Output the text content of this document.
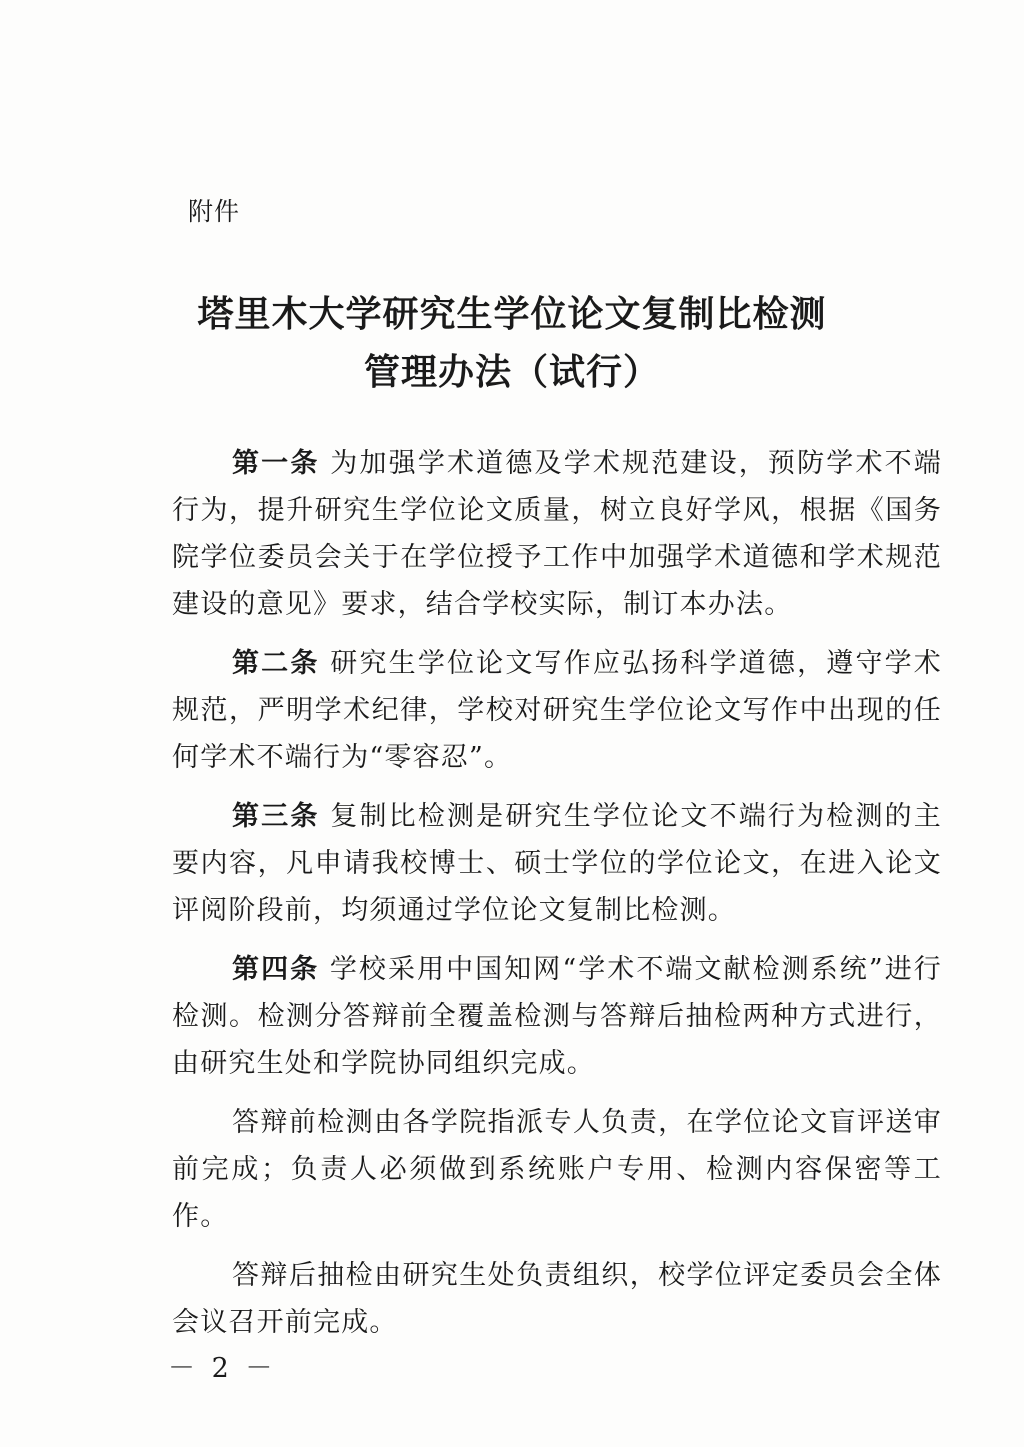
附件
塔里木大学研究生学位论文复制比检测
管理办法（试行）

第一条 为加强学术道德及学术规范建设，预防学术不端行为，提升研究生学位论文质量，树立良好学风，根据《国务院学位委员会关于在学位授予工作中加强学术道德和学术规范建设的意见》要求，结合学校实际，制订本办法。

第二条 研究生学位论文写作应弘扬科学道德，遵守学术规范，严明学术纪律，学校对研究生学位论文写作中出现的任何学术不端行为“零容忍”。

第三条 复制比检测是研究生学位论文不端行为检测的主要内容，凡申请我校博士、硕士学位的学位论文，在进入论文评阅阶段前，均须通过学位论文复制比检测。

第四条 学校采用中国知网“学术不端文献检测系统”进行检测。检测分答辩前全覆盖检测与答辩后抽检两种方式进行，由研究生处和学院协同组织完成。

答辩前检测由各学院指派专人负责，在学位论文盲评送审前完成；负责人必须做到系统账户专用、检测内容保密等工作。

答辩后抽检由研究生处负责组织，校学位评定委员会全体会议召开前完成。

－ 2 －
